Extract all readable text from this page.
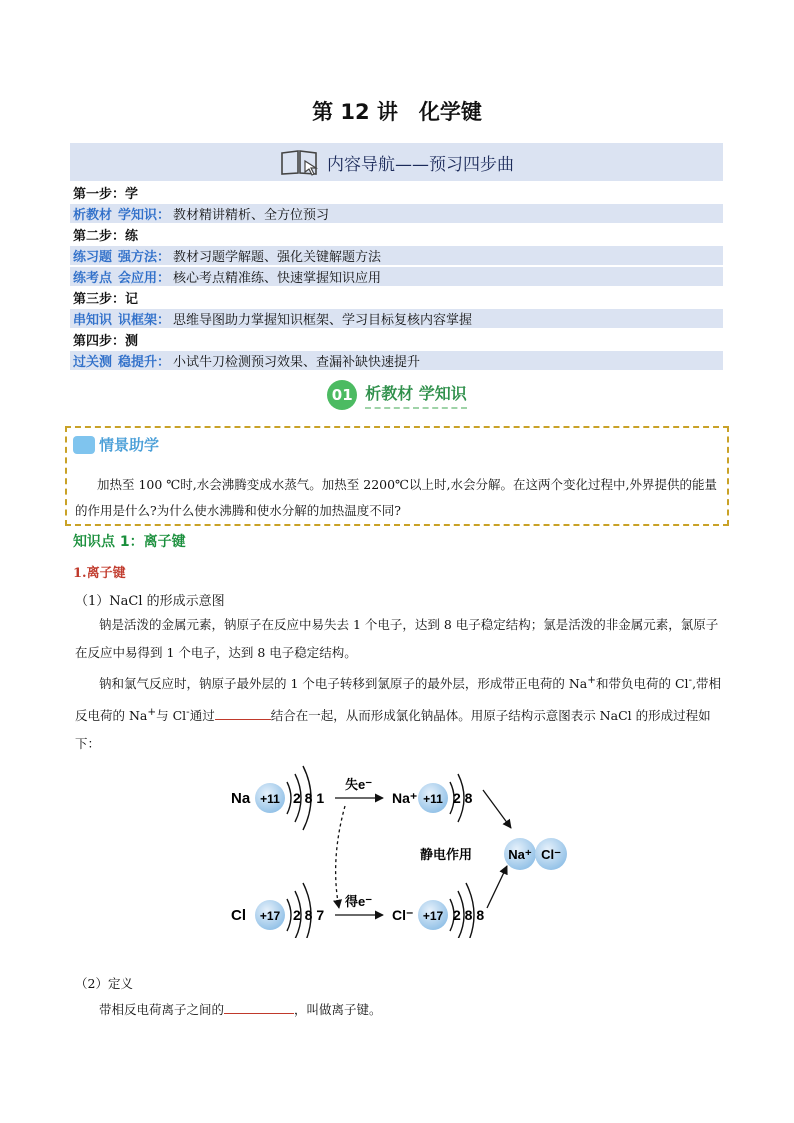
第 12 讲　化学键
内容导航——预习四步曲
第一步：学
析教材 学知识： 教材精讲精析、全方位预习
第二步：练
练习题 强方法： 教材习题学解题、强化关键解题方法
练考点 会应用： 核心考点精准练、快速掌握知识应用
第三步：记
串知识 识框架： 思维导图助力掌握知识框架、学习目标复核内容掌握
第四步：测
过关测 稳提升： 小试牛刀检测预习效果、查漏补缺快速提升
01 析教材 学知识
情景助学
加热至 100 ℃时,水会沸腾变成水蒸气。加热至 2200℃以上时,水会分解。在这两个变化过程中,外界提供的能量的作用是什么?为什么使水沸腾和使水分解的加热温度不同?
知识点 1：离子键
1.离子键
（1）NaCl 的形成示意图
钠是活泼的金属元素，钠原子在反应中易失去 1 个电子，达到 8 电子稳定结构；氯是活泼的非金属元素，氯原子在反应中易得到 1 个电子，达到 8 电子稳定结构。
钠和氯气反应时，钠原子最外层的 1 个电子转移到氯原子的最外层，形成带正电荷的 Na+和带负电荷的 Cl-,带相反电荷的 Na+与 Cl-通过	结合在一起，从而形成氯化钠晶体。用原子结构示意图表示 NaCl 的形成过程如下：
Na +11 2 8 1
失e⁻
Na⁺ +11 2 8
Cl +17 2 8 7
得e⁻
Cl⁻ +17 2 8 8
静电作用	Na⁺ Cl⁻
（2）定义
带相反电荷离子之间的	，叫做离子键。
